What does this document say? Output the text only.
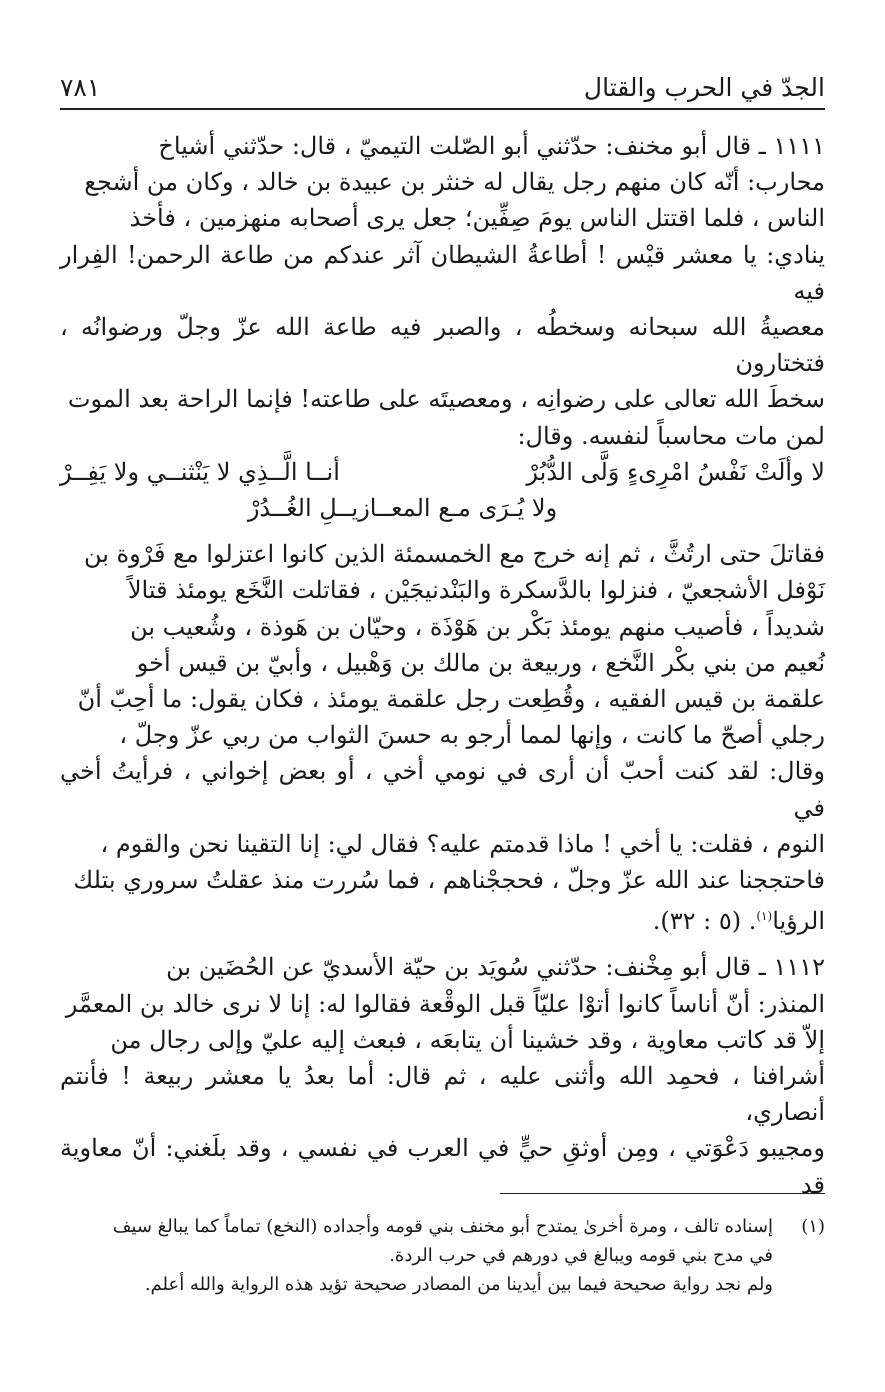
الجدّ في الحرب والقتال
٧٨١

١١١١ ـ قال أبو مخنف: حدّثني أبو الصّلت التيميّ ، قال: حدّثني أشياخ

محارب: أنّه كان منهم رجل يقال له خنثر بن عبيدة بن خالد ، وكان من أشجع

الناس ، فلما اقتتل الناس يومَ صِفِّين؛ جعل يرى أصحابه منهزمين ، فأخذ

ينادي: يا معشر قيْس ! أطاعةُ الشيطان آثر عندكم من طاعة الرحمن! الفِرار فيه

معصيةُ الله سبحانه وسخطُه ، والصبر فيه طاعة الله عزّ وجلّ ورضوانُه ، فتختارون

سخطَ الله تعالى على رضوانِه ، ومعصيتَه على طاعته! فإنما الراحة بعد الموت

لمن مات محاسباً لنفسه. وقال:

لا وألَتْ نَفْسُ امْرِىءٍ وَلَّى الدُّبُرْ
أنــا الَّــذِي لا يَنْثنــي ولا يَفِــرْ

ولا يُـرَى مـع المعــازيــلِ الغُــدُرْ

فقاتلَ حتى ارتُثَّ ، ثم إنه خرج مع الخمسمئة الذين كانوا اعتزلوا مع فَرْوة بن

نَوْفل الأشجعيّ ، فنزلوا بالدَّسكرة والبَنْدنيجَيْن ، فقاتلت النَّخَع يومئذ قتالاً

شديداً ، فأصيب منهم يومئذ بَكْر بن هَوْذَة ، وحيّان بن هَوذة ، وشُعيب بن

نُعيم من بني بكْر النَّخع ، وربيعة بن مالك بن وَهْبيل ، وأبيّ بن قيس أخو

علقمة بن قيس الفقيه ، وقُطِعت رجل علقمة يومئذ ، فكان يقول: ما أحِبّ أنّ

رجلي أصحّ ما كانت ، وإنها لمما أرجو به حسنَ الثواب من ربي عزّ وجلّ ،

وقال: لقد كنت أحبّ أن أرى في نومي أخي ، أو بعض إخواني ، فرأيتُ أخي في

النوم ، فقلت: يا أخي ! ماذا قدمتم عليه؟ فقال لي: إنا التقينا نحن والقوم ،

فاحتججنا عند الله عزّ وجلّ ، فحججْناهم ، فما سُررت منذ عقلتُ سروري بتلك

الرؤيا$^{(١)}$. (٥ : ٣٢).

١١١٢ ـ قال أبو مِخْنف: حدّثني سُويَد بن حيّة الأسديّ عن الحُضَين بن

المنذر: أنّ أناساً كانوا أتوْا عليّاً قبل الوقْعة فقالوا له: إنا لا نرى خالد بن المعمَّر

إلاّ قد كاتب معاوية ، وقد خشينا أن يتابعَه ، فبعث إليه عليّ وإلى رجال من

أشرافنا ، فحمِد الله وأثنى عليه ، ثم قال: أما بعدُ يا معشر ربيعة ! فأنتم أنصاري،

ومجيبو دَعْوَتي ، ومِن أوثقِ حيٍّ في العرب في نفسي ، وقد بلَغني: أنّ معاوية قد

(١)إسناده تالف ، ومرة أخرىٰ يمتدح أبو مخنف بني قومه وأجداده (النخع) تماماً كما يبالغ سيف

في مدح بني قومه ويبالغ في دورهم في حرب الردة.

ولم نجد رواية صحيحة فيما بين أيدينا من المصادر صحيحة تؤيد هذه الرواية والله أعلم.
